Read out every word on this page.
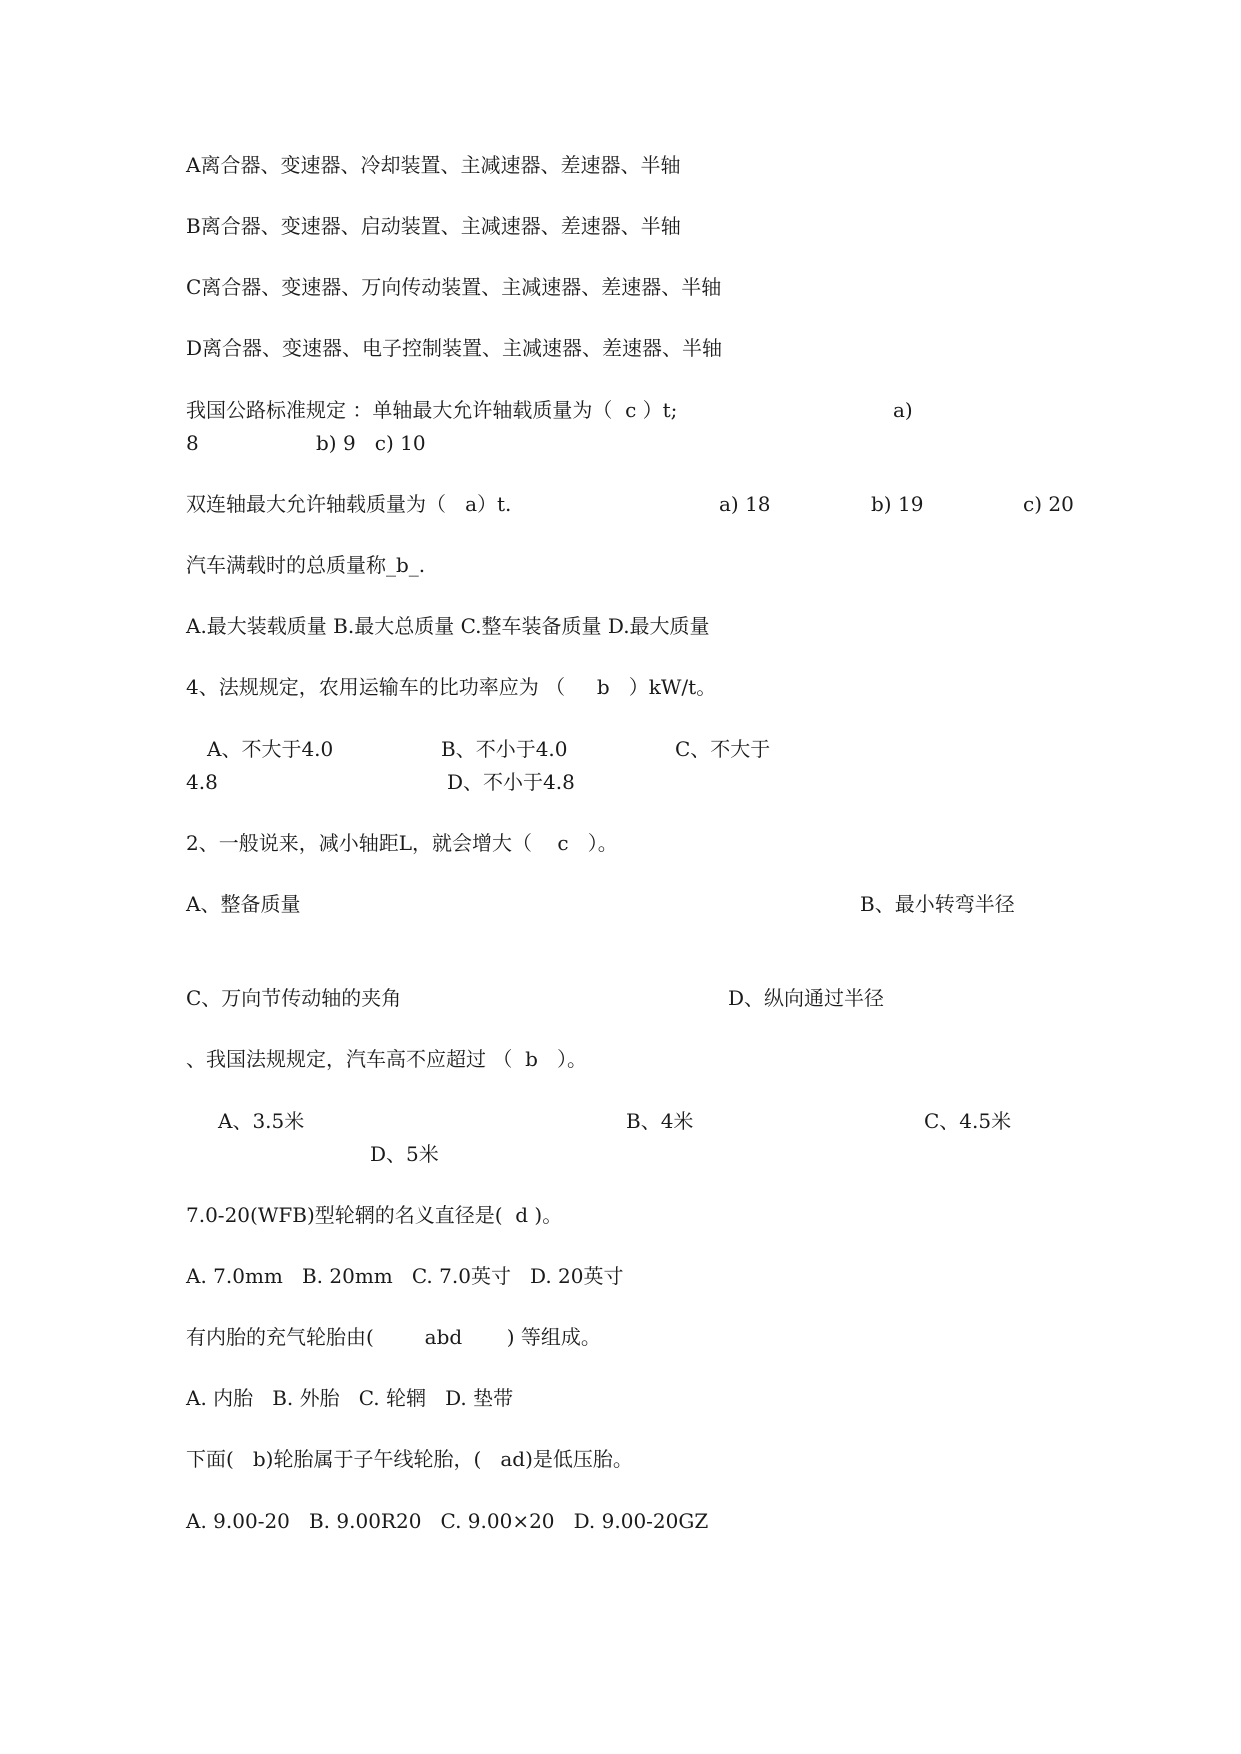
A离合器、变速器、冷却装置、主减速器、差速器、半轴
B离合器、变速器、启动装置、主减速器、差速器、半轴
C离合器、变速器、万向传动装置、主减速器、差速器、半轴
D离合器、变速器、电子控制装置、主减速器、差速器、半轴
我国公路标准规定 ：单轴最大允许轴载质量为（  c ）t;	a)
8	b) 9   c) 10
双连轴最大允许轴载质量为（   a）t.	a) 18	b) 19	c) 20
汽车满载时的总质量称_b_.
A.最大装载质量 B.最大总质量 C.整车装备质量 D.最大质量
4、法规规定，农用运输车的比功率应为 （     b   ）kW/t。
A、不大于4.0	B、不小于4.0	C、不大于
4.8	D、不小于4.8
2、一般说来，减小轴距L，就会增大（    c   ）。
A、整备质量	B、最小转弯半径
C、万向节传动轴的夹角	D、纵向通过半径
、我国法规规定，汽车高不应超过 （  b   ）。
A、3.5米	B、4米	C、4.5米
D、5米
7.0-20(WFB)型轮辋的名义直径是(  d )。
A. 7.0mm   B. 20mm   C. 7.0英寸   D. 20英寸
有内胎的充气轮胎由(        abd       ) 等组成。
A. 内胎   B. 外胎   C. 轮辋   D. 垫带
下面(   b)轮胎属于子午线轮胎，(   ad)是低压胎。
A. 9.00-20   B. 9.00R20   C. 9.00×20   D. 9.00-20GZ
